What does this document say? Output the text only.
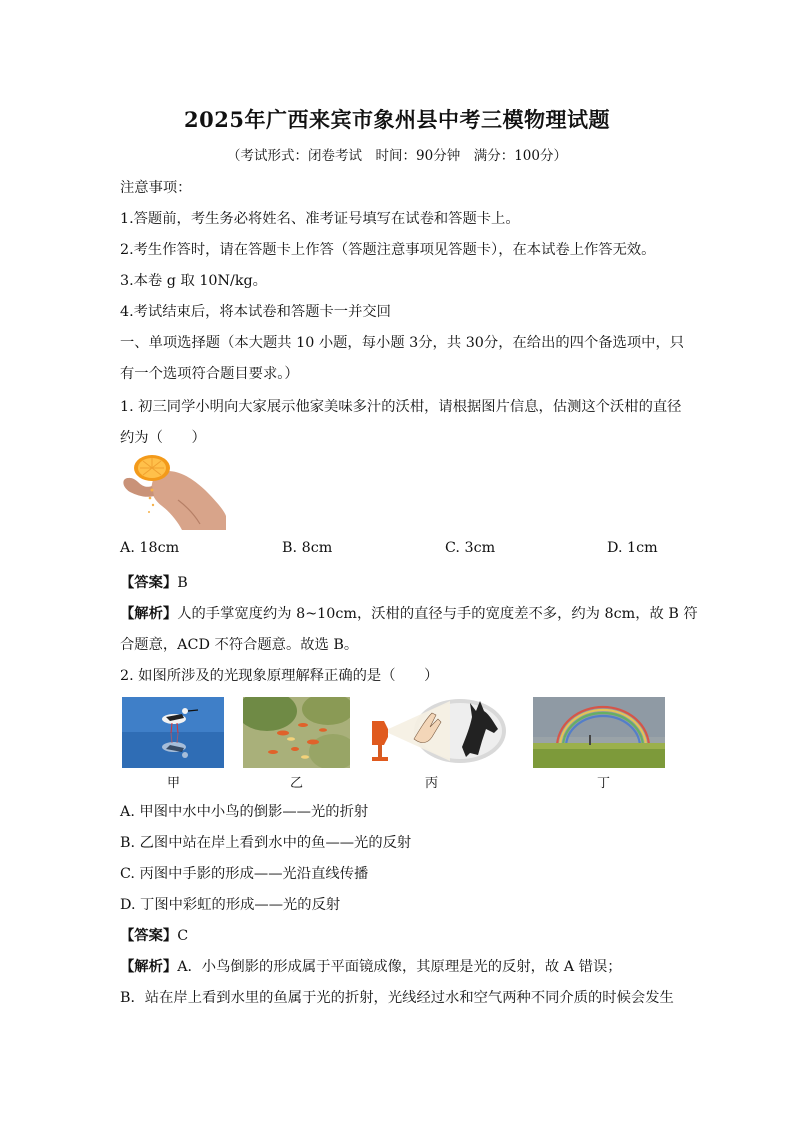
2025年广西来宾市象州县中考三模物理试题
（考试形式：闭卷考试　时间：90分钟　满分：100分）
注意事项：
1.答题前，考生务必将姓名、准考证号填写在试卷和答题卡上。
2.考生作答时，请在答题卡上作答（答题注意事项见答题卡），在本试卷上作答无效。
3.本卷 g 取 10N/kg。
4.考试结束后，将本试卷和答题卡一并交回
一、单项选择题（本大题共 10 小题，每小题 3分，共 30分，在给出的四个备选项中，只
有一个选项符合题目要求。）
1. 初三同学小明向大家展示他家美味多汁的沃柑，请根据图片信息，估测这个沃柑的直径
约为（　　）
A. 18cm	B. 8cm	C. 3cm	D. 1cm
【答案】B
【解析】人的手掌宽度约为 8~10cm，沃柑的直径与手的宽度差不多，约为 8cm，故 B 符
合题意，ACD 不符合题意。故选 B。
2. 如图所涉及的光现象原理解释正确的是（　　）
甲	乙	丙	丁
A. 甲图中水中小鸟的倒影——光的折射
B. 乙图中站在岸上看到水中的鱼——光的反射
C. 丙图中手影的形成——光沿直线传播
D. 丁图中彩虹的形成——光的反射
【答案】C
【解析】A．小鸟倒影的形成属于平面镜成像，其原理是光的反射，故 A 错误；
B．站在岸上看到水里的鱼属于光的折射，光线经过水和空气两种不同介质的时候会发生
